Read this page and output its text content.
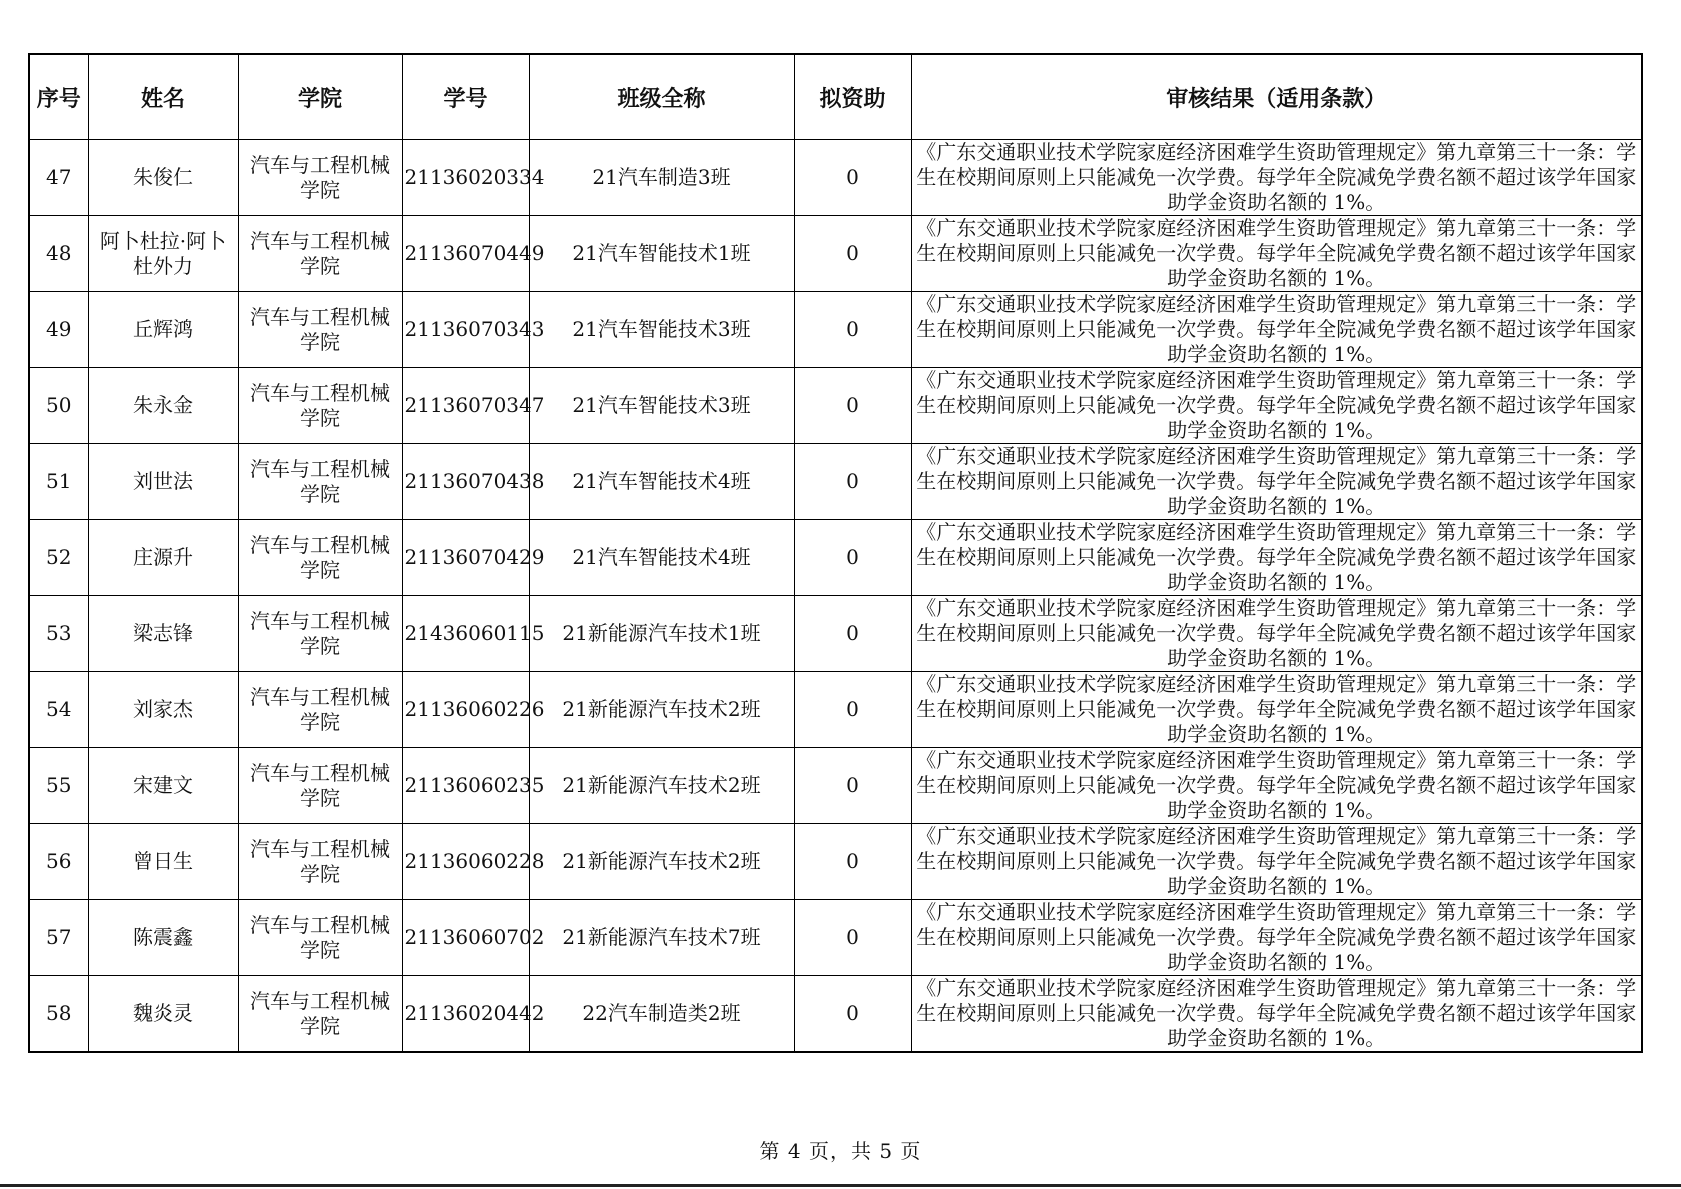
序号	姓名	学院	学号	班级全称	拟资助	审核结果（适用条款）
47	朱俊仁	汽车与工程机械学院	21136020334	21汽车制造3班	0	《广东交通职业技术学院家庭经济困难学生资助管理规定》第九章第三十一条：学生在校期间原则上只能减免一次学费。每学年全院减免学费名额不超过该学年国家助学金资助名额的 1%。
48	阿卜杜拉·阿卜杜外力	汽车与工程机械学院	21136070449	21汽车智能技术1班	0	《广东交通职业技术学院家庭经济困难学生资助管理规定》第九章第三十一条：学生在校期间原则上只能减免一次学费。每学年全院减免学费名额不超过该学年国家助学金资助名额的 1%。
49	丘辉鸿	汽车与工程机械学院	21136070343	21汽车智能技术3班	0	《广东交通职业技术学院家庭经济困难学生资助管理规定》第九章第三十一条：学生在校期间原则上只能减免一次学费。每学年全院减免学费名额不超过该学年国家助学金资助名额的 1%。
50	朱永金	汽车与工程机械学院	21136070347	21汽车智能技术3班	0	《广东交通职业技术学院家庭经济困难学生资助管理规定》第九章第三十一条：学生在校期间原则上只能减免一次学费。每学年全院减免学费名额不超过该学年国家助学金资助名额的 1%。
51	刘世法	汽车与工程机械学院	21136070438	21汽车智能技术4班	0	《广东交通职业技术学院家庭经济困难学生资助管理规定》第九章第三十一条：学生在校期间原则上只能减免一次学费。每学年全院减免学费名额不超过该学年国家助学金资助名额的 1%。
52	庄源升	汽车与工程机械学院	21136070429	21汽车智能技术4班	0	《广东交通职业技术学院家庭经济困难学生资助管理规定》第九章第三十一条：学生在校期间原则上只能减免一次学费。每学年全院减免学费名额不超过该学年国家助学金资助名额的 1%。
53	梁志锋	汽车与工程机械学院	21436060115	21新能源汽车技术1班	0	《广东交通职业技术学院家庭经济困难学生资助管理规定》第九章第三十一条：学生在校期间原则上只能减免一次学费。每学年全院减免学费名额不超过该学年国家助学金资助名额的 1%。
54	刘家杰	汽车与工程机械学院	21136060226	21新能源汽车技术2班	0	《广东交通职业技术学院家庭经济困难学生资助管理规定》第九章第三十一条：学生在校期间原则上只能减免一次学费。每学年全院减免学费名额不超过该学年国家助学金资助名额的 1%。
55	宋建文	汽车与工程机械学院	21136060235	21新能源汽车技术2班	0	《广东交通职业技术学院家庭经济困难学生资助管理规定》第九章第三十一条：学生在校期间原则上只能减免一次学费。每学年全院减免学费名额不超过该学年国家助学金资助名额的 1%。
56	曾日生	汽车与工程机械学院	21136060228	21新能源汽车技术2班	0	《广东交通职业技术学院家庭经济困难学生资助管理规定》第九章第三十一条：学生在校期间原则上只能减免一次学费。每学年全院减免学费名额不超过该学年国家助学金资助名额的 1%。
57	陈震鑫	汽车与工程机械学院	21136060702	21新能源汽车技术7班	0	《广东交通职业技术学院家庭经济困难学生资助管理规定》第九章第三十一条：学生在校期间原则上只能减免一次学费。每学年全院减免学费名额不超过该学年国家助学金资助名额的 1%。
58	魏炎灵	汽车与工程机械学院	21136020442	22汽车制造类2班	0	《广东交通职业技术学院家庭经济困难学生资助管理规定》第九章第三十一条：学生在校期间原则上只能减免一次学费。每学年全院减免学费名额不超过该学年国家助学金资助名额的 1%。
第 4 页，共 5 页
